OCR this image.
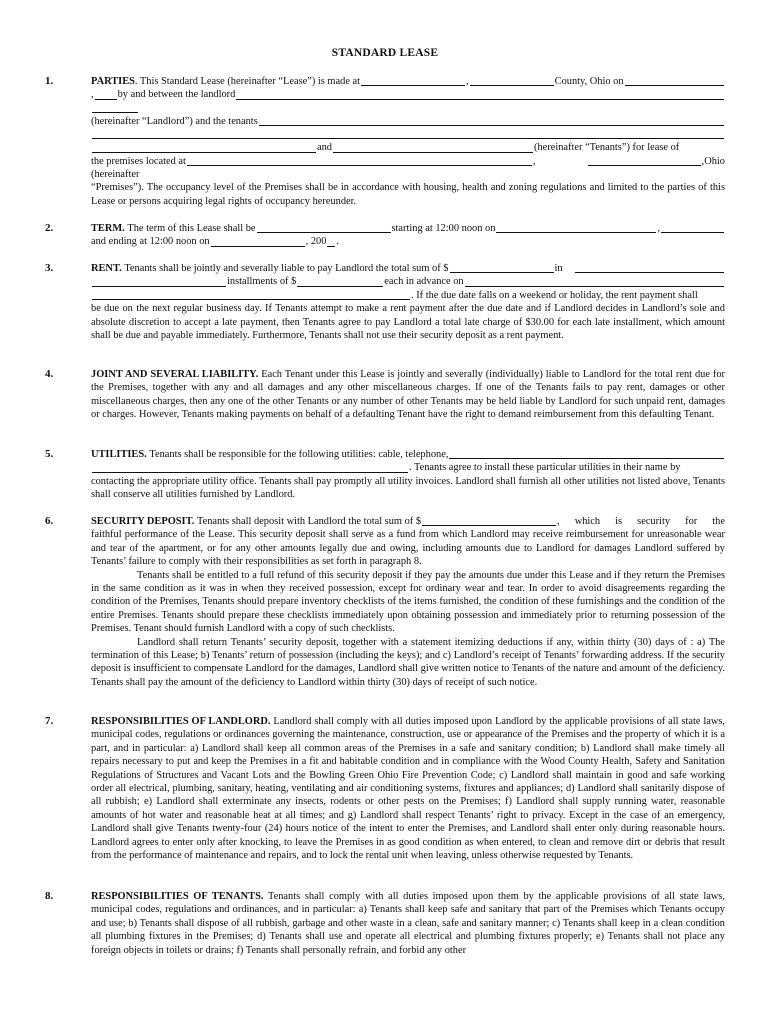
STANDARD LEASE
1.	PARTIES . This Standard Lease (hereinafter “Lease”) is made at	,	County, Ohio on
, by and between the landlord
(hereinafter “Landlord”) and the tenants
and	(hereinafter “Tenants”) for lease of
the premises located at	,	,Ohio

(hereinafter

“Premises”). The occupancy level of the Premises shall be in accordance with housing, health and zoning regulations and limited to the parties of this Lease or persons acquiring legal rights of occupancy hereunder.

2.	TERM.
The term of this Lease shall be	starting at 12:00 noon on	,
and ending at 12:00 noon on	, 200 .
3.	RENT.
Tenants shall be jointly and severally liable to pay Landlord the total sum of $	in
installments of $	each in advance on
. If the due date falls on a weekend or holiday, the rent payment shall

be due on the next regular business day. If Tenants attempt to make a rent payment after the due date and if Landlord decides in Landlord’s sole and absolute discretion to accept a late payment, then Tenants agree to pay Landlord a total late charge of $30.00 for each late installment, which amount shall be due and payable immediately. Furthermore, Tenants shall not use their security deposit as a rent payment.

4.	JOINT AND SEVERAL LIABILITY. Each Tenant under this Lease is jointly and severally (individually) liable to Landlord for the total rent due for the Premises, together with any and all damages and any other miscellaneous charges. If one of the Tenants fails to pay rent, damages or other miscellaneous charges, then any one of the other Tenants or any number of other Tenants may be held liable by Landlord for such unpaid rent, damages or charges. However, Tenants making payments on behalf of a defaulting Tenant have the right to demand reimbursement from this defaulting Tenant.
5.	UTILITIES.
Tenants shall be responsible for the following utilities: cable, telephone,
. Tenants agree to install these particular utilities in their name by

contacting the appropriate utility office. Tenants shall pay promptly all utility invoices. Landlord shall furnish all other utilities not listed above, Tenants shall conserve all utilities furnished by Landlord.

6.	SECURITY DEPOSIT.
Tenants shall deposit with Landlord the total sum of $	, which is security for the

faithful performance of the Lease. This security deposit shall serve as a fund from which Landlord may receive reimbursement for unreasonable wear and tear of the apartment, or for any other amounts legally due and owing, including amounts due to Landlord for damages Landlord suffered by Tenants’ failure to comply with their responsibilities as set forth in paragraph 8.

Tenants shall be entitled to a full refund of this security deposit if they pay the amounts due under this Lease and if they return the Premises in the same condition as it was in when they received possession, except for ordinary wear and tear. In order to avoid disagreements regarding the condition of the Premises, Tenants should prepare inventory checklists of the items furnished, the condition of these furnishings and the condition of the entire Premises. Tenants should prepare these checklists immediately upon obtaining possession and immediately prior to returning possession of the Premises. Tenant should furnish Landlord with a copy of such checklists.

Landlord shall return Tenants’ security deposit, together with a statement itemizing deductions if any, within thirty (30) days of : a) The termination of this Lease; b) Tenants’ return of possession (including the keys); and c) Landlord’s receipt of Tenants’ forwarding address. If the security deposit is insufficient to compensate Landlord for the damages, Landlord shall give written notice to Tenants of the nature and amount of the deficiency. Tenants shall pay the amount of the deficiency to Landlord within thirty (30) days of receipt of such notice.

7.	RESPONSIBILITIES OF LANDLORD. Landlord shall comply with all duties imposed upon Landlord by the applicable provisions of all state laws, municipal codes, regulations or ordinances governing the maintenance, construction, use or appearance of the Premises and the property of which it is a part, and in particular: a) Landlord shall keep all common areas of the Premises in a safe and sanitary condition; b) Landlord shall make timely all repairs necessary to put and keep the Premises in a fit and habitable condition and in compliance with the Wood County Health, Safety and Sanitation Regulations of Structures and Vacant Lots and the Bowling Green Ohio Fire Prevention Code; c) Landlord shall maintain in good and safe working order all electrical, plumbing, sanitary, heating, ventilating and air conditioning systems, fixtures and appliances; d) Landlord shall sanitarily dispose of all rubbish; e) Landlord shall exterminate any insects, rodents or other pests on the Premises; f) Landlord shall supply running water, reasonable amounts of hot water and reasonable heat at all times; and g) Landlord shall respect Tenants’ right to privacy. Except in the case of an emergency, Landlord shall give Tenants twenty-four (24) hours notice of the intent to enter the Premises, and Landlord shall enter only during reasonable hours. Landlord agrees to enter only after knocking, to leave the Premises in as good condition as when entered, to clean and remove dirt or debris that result from the performance of maintenance and repairs, and to lock the rental unit when leaving, unless otherwise requested by Tenants.
8.	RESPONSIBILITIES OF TENANTS. Tenants shall comply with all duties imposed upon them by the applicable provisions of all state laws, municipal codes, regulations and ordinances, and in particular: a) Tenants shall keep safe and sanitary that part of the Premises which Tenants occupy and use; b) Tenants shall dispose of all rubbish, garbage and other waste in a clean, safe and sanitary manner; c) Tenants shall keep in a clean condition all plumbing fixtures in the Premises; d) Tenants shall use and operate all electrical and plumbing fixtures properly; e) Tenants shall not place any foreign objects in toilets or drains; f) Tenants shall personally refrain, and forbid any other
